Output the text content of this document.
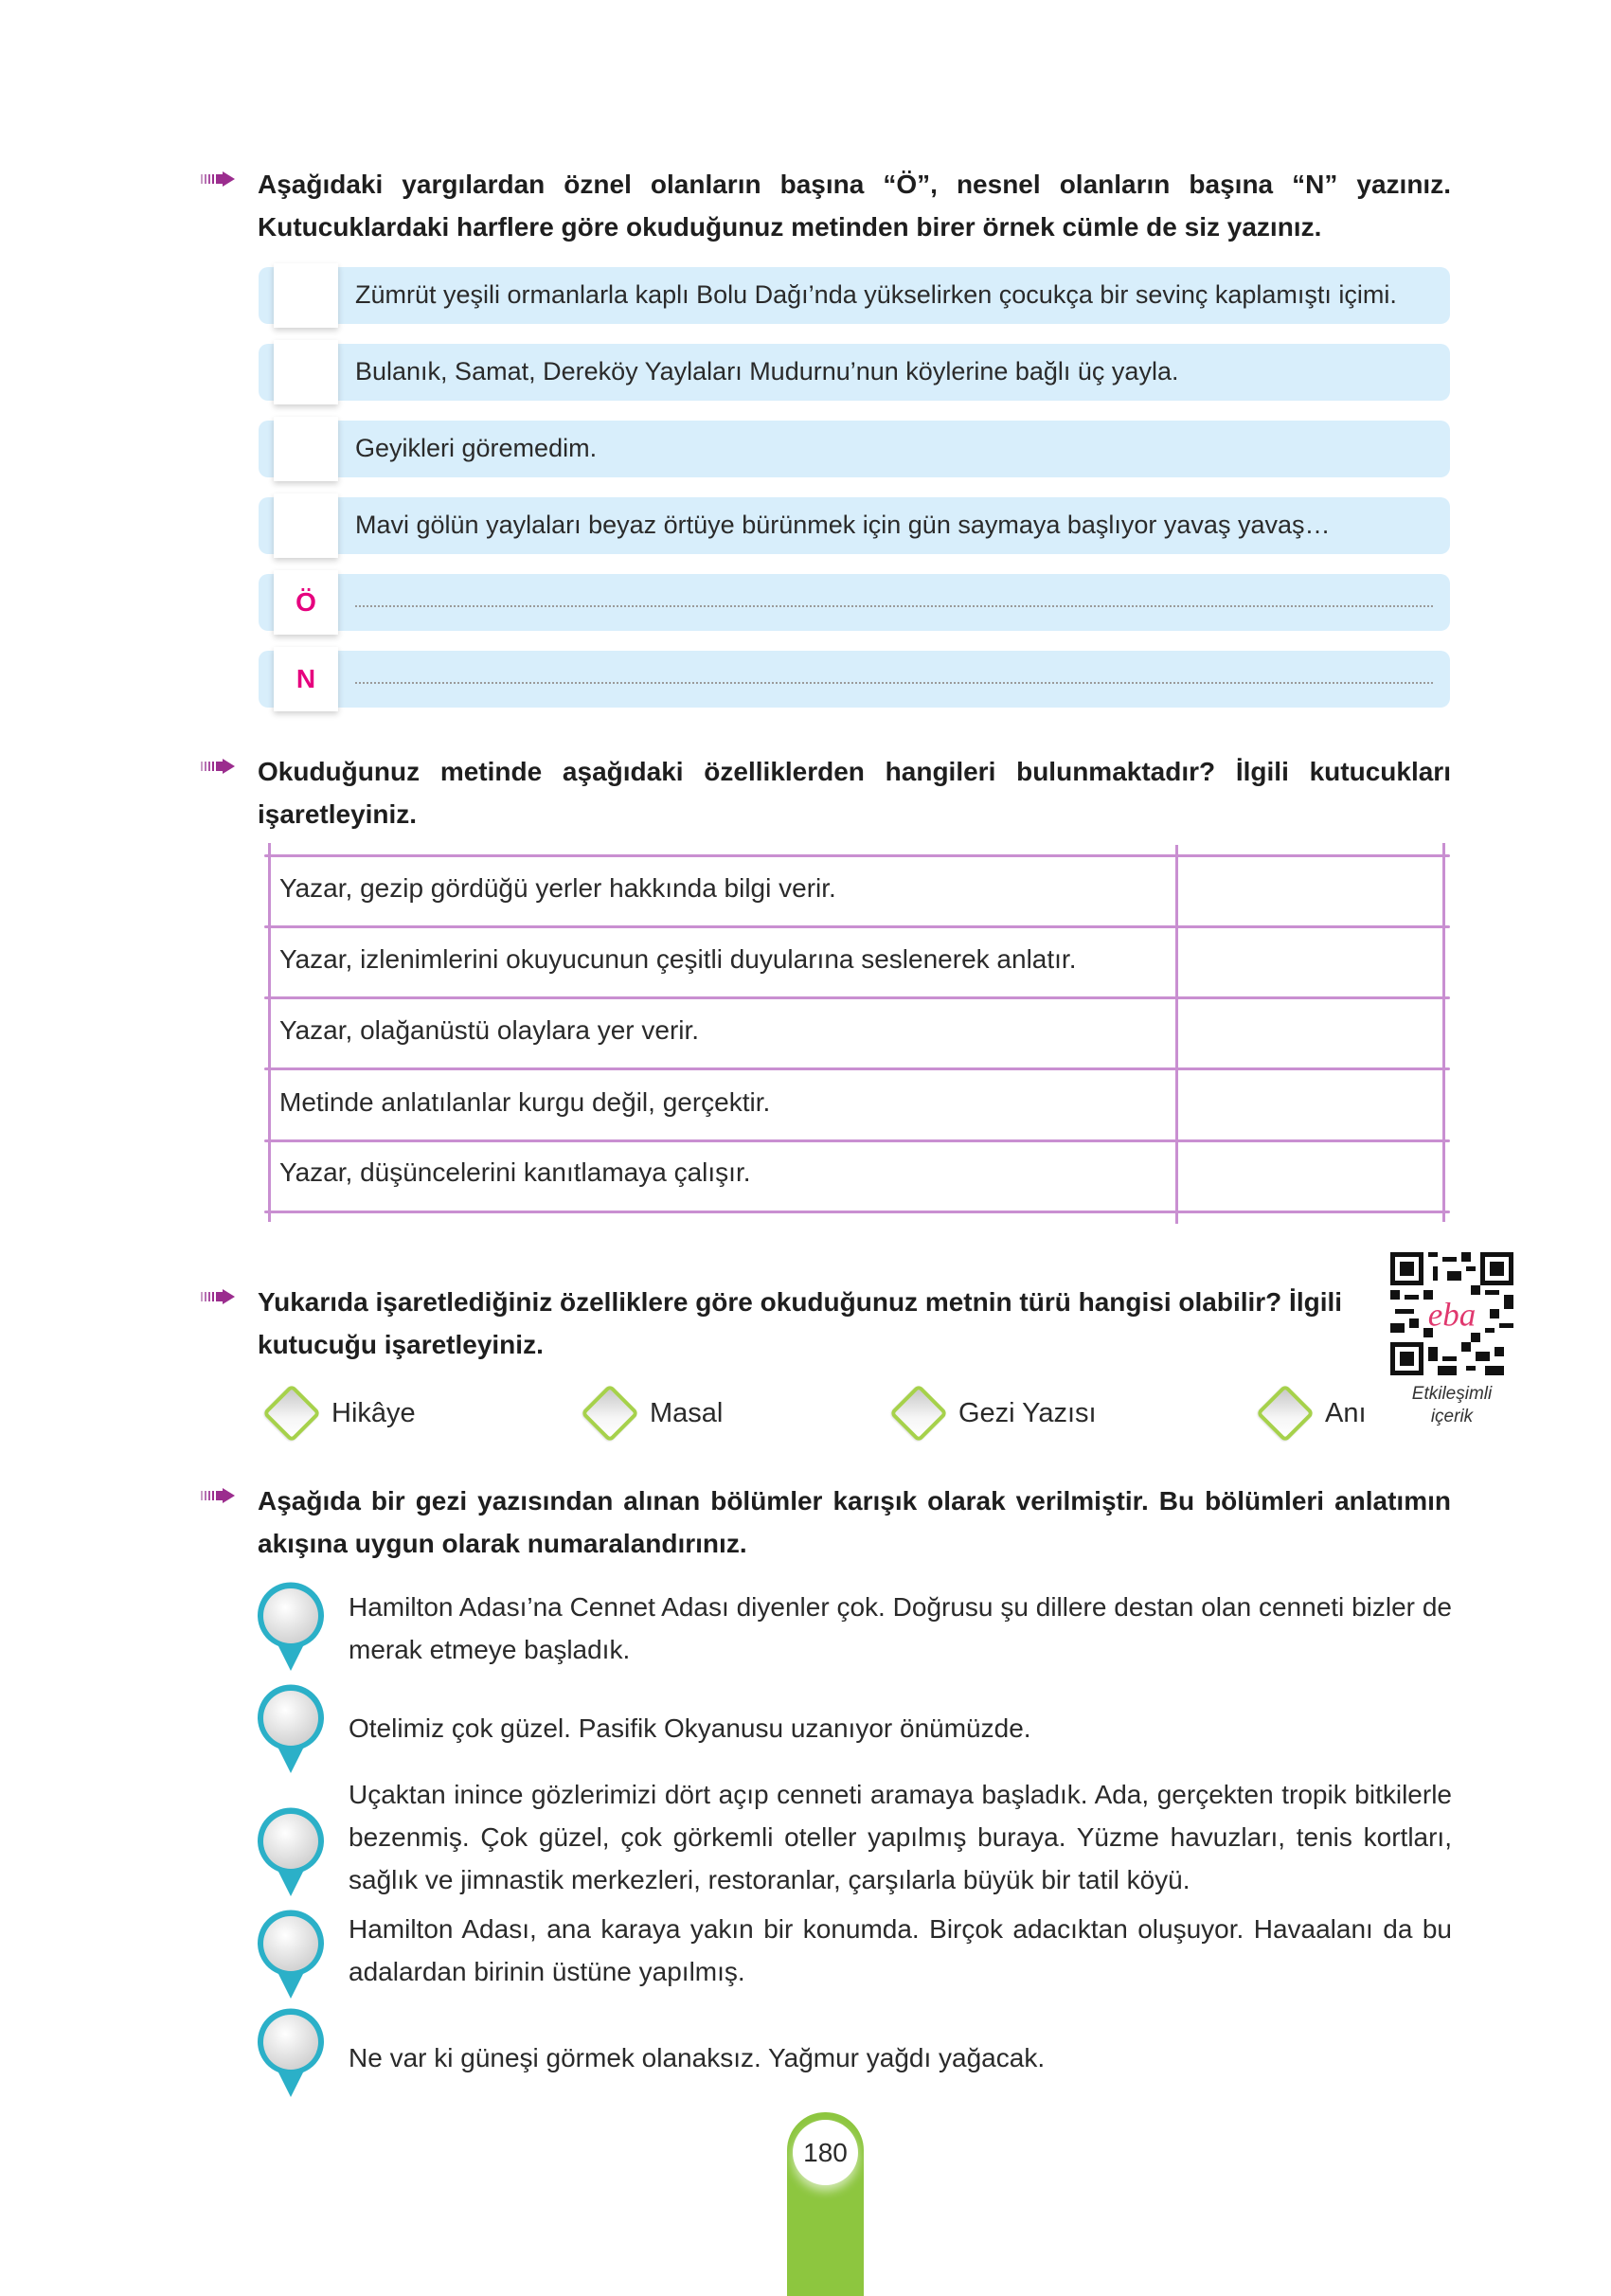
Aşağıdaki yargılardan öznel olanların başına “Ö”, nesnel olanların başına “N” yazınız. Kutucuklardaki harflere göre okuduğunuz metinden birer örnek cümle de siz yazınız.
Zümrüt yeşili ormanlarla kaplı Bolu Dağı’nda yükselirken çocukça bir sevinç kaplamıştı içimi.
Bulanık, Samat, Dereköy Yaylaları Mudurnu’nun köylerine bağlı üç yayla.
Geyikleri göremedim.
Mavi gölün yaylaları beyaz örtüye bürünmek için gün saymaya başlıyor yavaş yavaş…
Ö
N
Okuduğunuz metinde aşağıdaki özelliklerden hangileri bulunmaktadır? İlgili kutucukları işaretleyiniz.
Yazar, gezip gördüğü yerler hakkında bilgi verir.
Yazar, izlenimlerini okuyucunun çeşitli duyularına seslenerek anlatır.
Yazar, olağanüstü olaylara yer verir.
Metinde anlatılanlar kurgu değil, gerçektir.
Yazar, düşüncelerini kanıtlamaya çalışır.
Yukarıda işaretlediğiniz özelliklere göre okuduğunuz metnin türü hangisi olabilir? İlgili kutucuğu işaretleyiniz.
Hikâye	Masal	Gezi Yazısı	Anı
eba
Etkileşimli
içerik
Aşağıda bir gezi yazısından alınan bölümler karışık olarak verilmiştir. Bu bölümleri anlatımın akışına uygun olarak numaralandırınız.
Hamilton Adası’na Cennet Adası diyenler çok. Doğrusu şu dillere destan olan cenneti bizler de merak etmeye başladık.
Otelimiz çok güzel. Pasifik Okyanusu uzanıyor önümüzde.
Uçaktan inince gözlerimizi dört açıp cenneti aramaya başladık. Ada, gerçekten tropik bitkilerle bezenmiş. Çok güzel, çok görkemli oteller yapılmış buraya. Yüzme havuzları, tenis kortları, sağlık ve jimnastik merkezleri, restoranlar, çarşılarla büyük bir tatil köyü.
Hamilton Adası, ana karaya yakın bir konumda. Birçok adacıktan oluşuyor. Havaalanı da bu adalardan birinin üstüne yapılmış.
Ne var ki güneşi görmek olanaksız. Yağmur yağdı yağacak.
180
